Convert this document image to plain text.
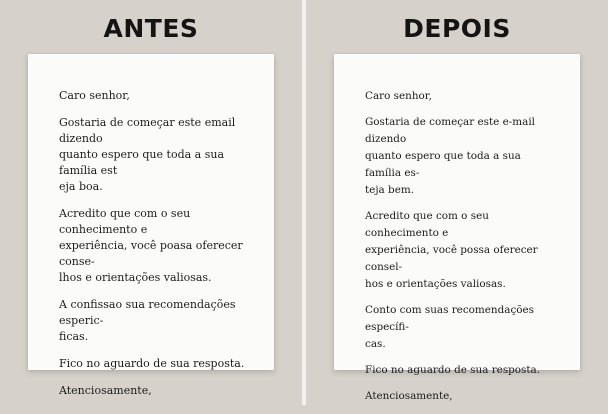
ANTES

Caro senhor,

Gostaria de começar este email dizendo
quanto espero que toda a sua família est
eja boa.

Acredito que com o seu conhecimento e
experiência, você poasa oferecer conse-
lhos e orientações valiosas.

A confissao sua recomendações esperic-
ficas.

Fico no aguardo de sua resposta.

Atenciosamente,

DEPOIS

Caro senhor,

Gostaria de começar este e-mail dizendo
quanto espero que toda a sua família es-
teja bem.

Acredito que com o seu conhecimento e
experiência, você possa oferecer consel-
hos e orientações valiosas.

Conto com suas recomendações específi-
cas.

Fico no aguardo de sua resposta.

Atenciosamente,
